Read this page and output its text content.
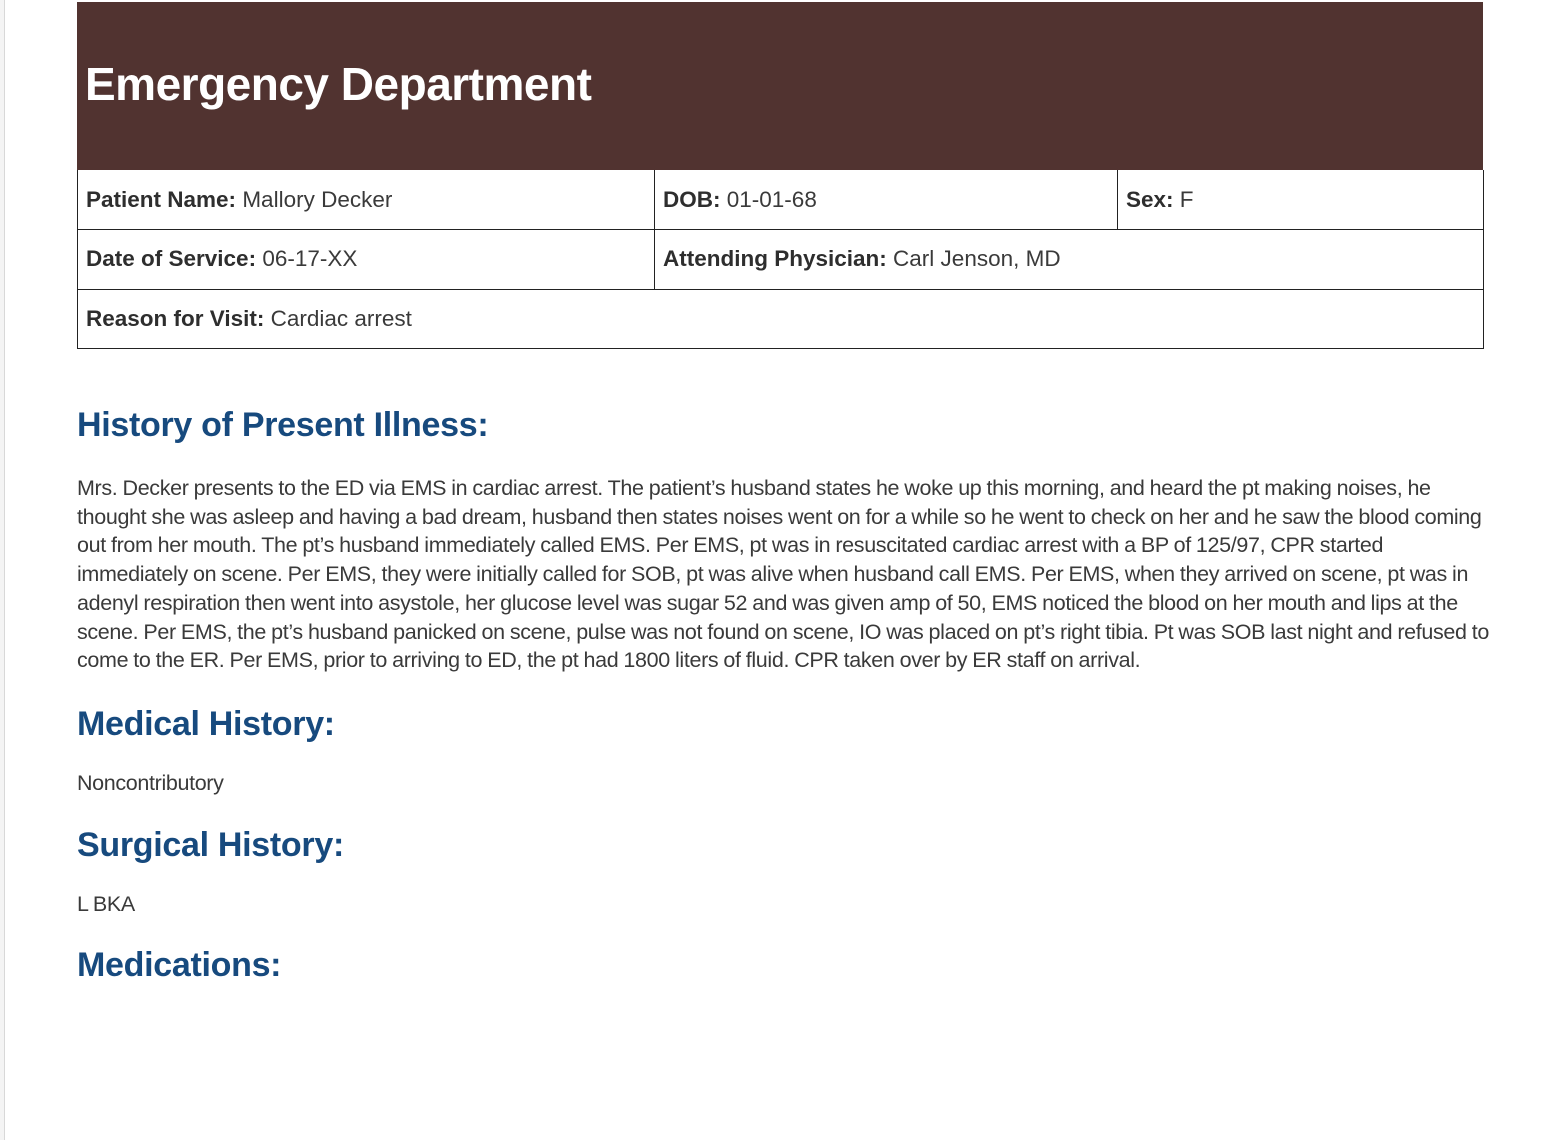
Emergency Department
Patient Name: Mallory Decker	DOB: 01-01-68	Sex: F
Date of Service: 06-17-XX	Attending Physician: Carl Jenson, MD	
Reason for Visit: Cardiac arrest		
History of Present Illness:

Mrs. Decker presents to the ED via EMS in cardiac arrest. The patient’s husband states he woke up this morning, and heard the pt making noises, he thought she was asleep and having a bad dream, husband then states noises went on for a while so he went to check on her and he saw the blood coming out from her mouth. The pt’s husband immediately called EMS. Per EMS, pt was in resuscitated cardiac arrest with a BP of 125/97, CPR started immediately on scene. Per EMS, they were initially called for SOB, pt was alive when husband call EMS. Per EMS, when they arrived on scene, pt was in adenyl respiration then went into asystole, her glucose level was sugar 52 and was given amp of 50, EMS noticed the blood on her mouth and lips at the scene. Per EMS, the pt’s husband panicked on scene, pulse was not found on scene, IO was placed on pt’s right tibia. Pt was SOB last night and refused to come to the ER. Per EMS, prior to arriving to ED, the pt had 1800 liters of fluid. CPR taken over by ER staff on arrival.

Medical History:

Noncontributory

Surgical History:

L BKA

Medications:
